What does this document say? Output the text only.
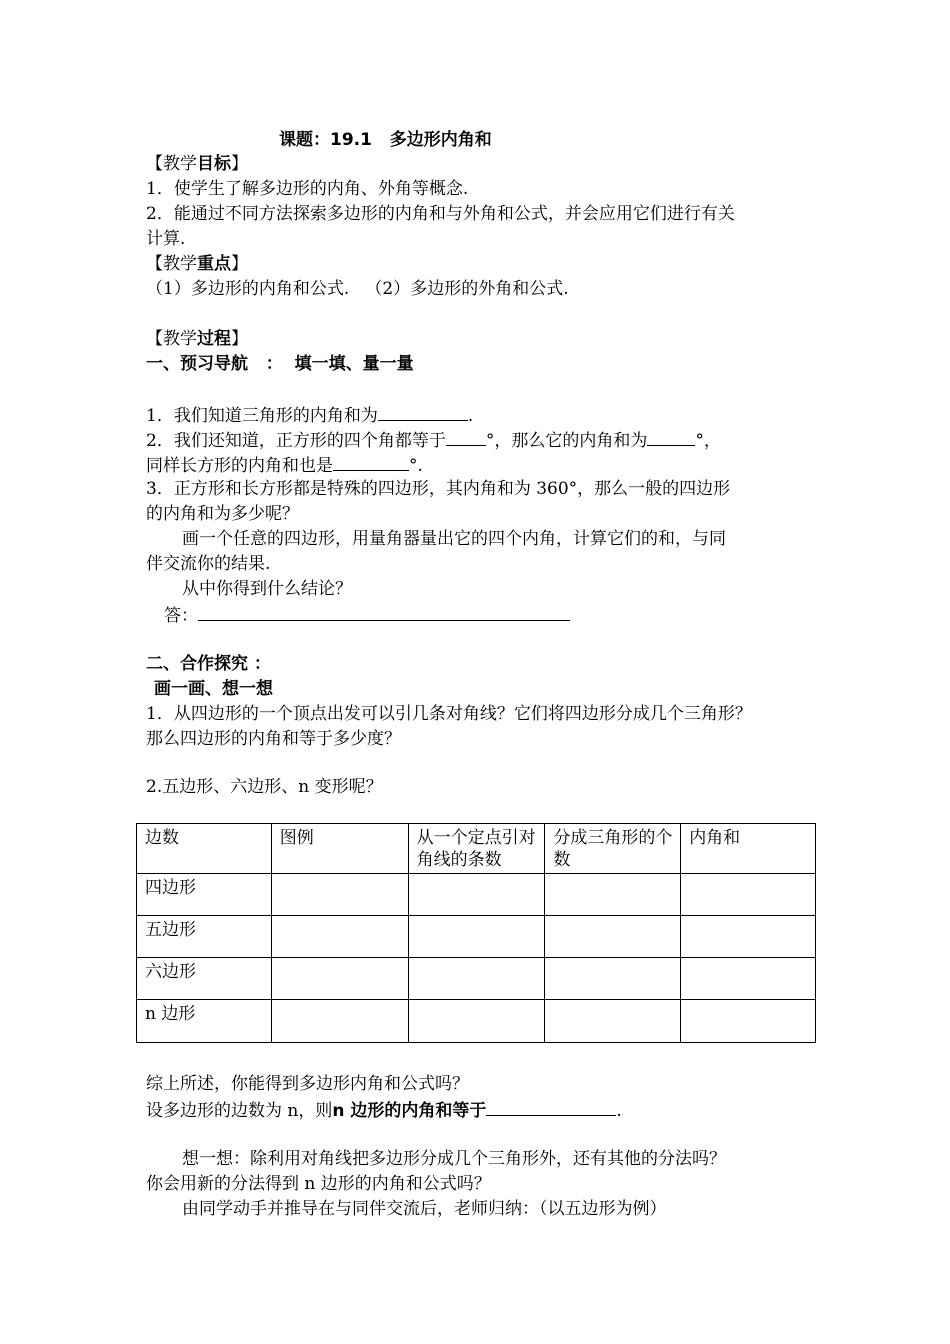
课题：19.1   多边形内角和
【教学目标】
1．使学生了解多边形的内角、外角等概念.
2．能通过不同方法探索多边形的内角和与外角和公式，并会应用它们进行有关
计算.
【教学重点】
（1）多边形的内角和公式.   （2）多边形的外角和公式.
【教学过程】
一、预习导航   ：  填一填、量一量
1．我们知道三角形的内角和为	.
2．我们还知道，正方形的四个角都等于 °，那么它的内角和为	°，
同样长方形的内角和也是	°.
3．正方形和长方形都是特殊的四边形，其内角和为 360°，那么一般的四边形
的内角和为多少呢？
画一个任意的四边形，用量角器量出它的四个内角，计算它们的和，与同
伴交流你的结果.
从中你得到什么结论？
答：
二、合作探究 ：
画一画、想一想
1．从四边形的一个顶点出发可以引几条对角线？它们将四边形分成几个三角形？
那么四边形的内角和等于多少度？
2.五边形、六边形、n 变形呢？
边数	图例	从一个定点引对角线的条数	分成三角形的个数	内角和
四边形				
五边形				
六边形				
n 边形				
综上所述，你能得到多边形内角和公式吗？
设多边形的边数为 n，则n 边形的内角和等于	.
想一想：除利用对角线把多边形分成几个三角形外，还有其他的分法吗？
你会用新的分法得到 n 边形的内角和公式吗？
由同学动手并推导在与同伴交流后，老师归纳：（以五边形为例）
